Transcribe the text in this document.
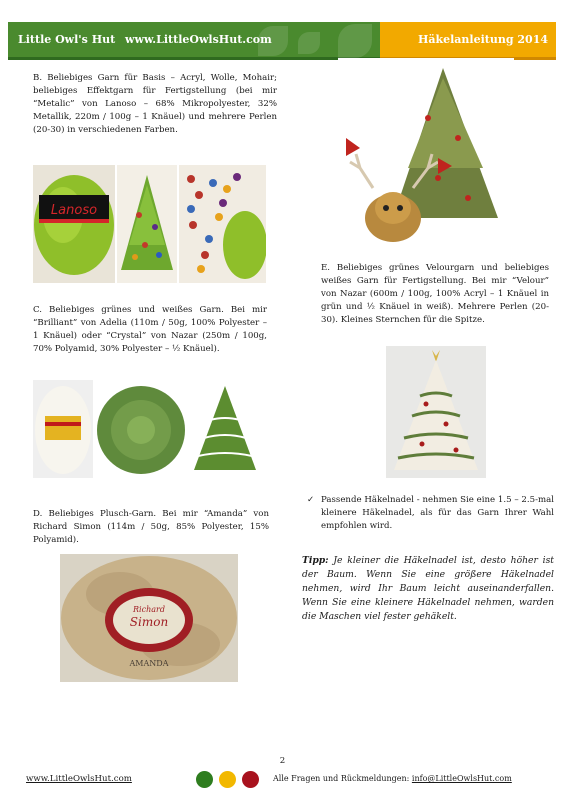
Little Owl's Hut www.LittleOwlsHut.com	Häkelanleitung 2014

B. Beliebiges Garn für Basis – Acryl, Wolle, Mohair; beliebiges Effektgarn für Fertigstellung (bei mir “Metalic” von Lanoso – 68% Mikropolyester, 32% Metallik, 220m / 100g – 1 Knäuel) und mehrere Perlen (20-30) in verschiedenen Farben.

Lanoso

E. Beliebiges grünes Velourgarn und beliebiges weißes Garn für Fertigstellung. Bei mir “Velour” von Nazar (600m / 100g, 100% Acryl – 1 Knäuel in grün und ½ Knäuel in weiß). Mehrere Perlen (20-30). Kleines Sternchen für die Spitze.

C. Beliebiges grünes und weißes Garn. Bei mir “Brilliant” von Adelia (110m / 50g, 100% Polyester – 1 Knäuel) oder “Crystal” von Nazar (250m / 100g, 70% Polyamid, 30% Polyester – ½ Knäuel).

✓ Passende Häkelnadel - nehmen Sie eine 1.5 – 2.5-mal kleinere Häkelnadel, als für das Garn Ihrer Wahl empfohlen wird.

D. Beliebiges Plusch-Garn. Bei mir “Amanda” von Richard Simon (114m / 50g, 85% Polyester, 15% Polyamid).

Richard
Simon
AMANDA
Tipp: Je kleiner die Häkelnadel ist, desto höher ist der Baum. Wenn Sie eine größere Häkelnadel nehmen, wird Ihr Baum leicht auseinanderfallen. Wenn Sie eine kleinere Häkelnadel nehmen, warden die Maschen viel fester gehäkelt.
2
www.LittleOwlsHut.com	Alle Fragen und Rückmeldungen: info@LittleOwlsHut.com
